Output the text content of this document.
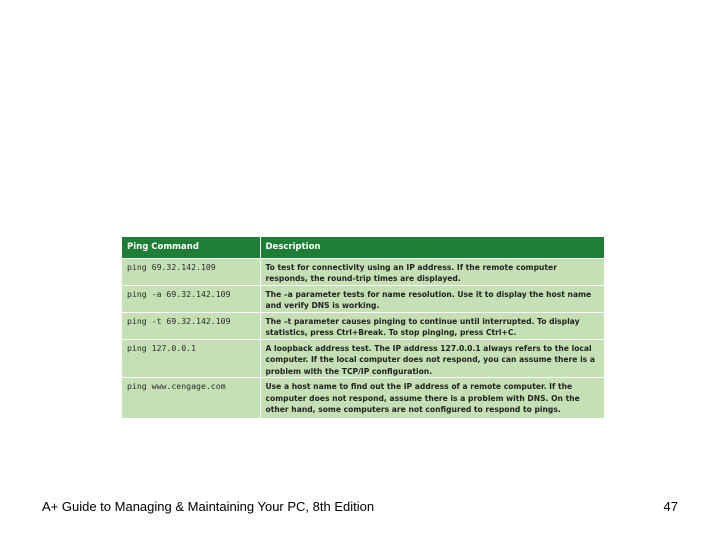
Ping Command	Description
ping 69.32.142.109	To test for connectivity using an IP address. If the remote computer responds, the round-trip times are displayed.
ping -a 69.32.142.109	The –a parameter tests for name resolution. Use it to display the host name and verify DNS is working.
ping -t 69.32.142.109	The –t parameter causes pinging to continue until interrupted. To display statistics, press Ctrl+Break. To stop pinging, press Ctrl+C.
ping 127.0.0.1	A loopback address test. The IP address 127.0.0.1 always refers to the local computer. If the local computer does not respond, you can assume there is a problem with the TCP/IP configuration.
ping www.cengage.com	Use a host name to find out the IP address of a remote computer. If the computer does not respond, assume there is a problem with DNS. On the other hand, some computers are not configured to respond to pings.
A+ Guide to Managing & Maintaining Your PC, 8th Edition	47
